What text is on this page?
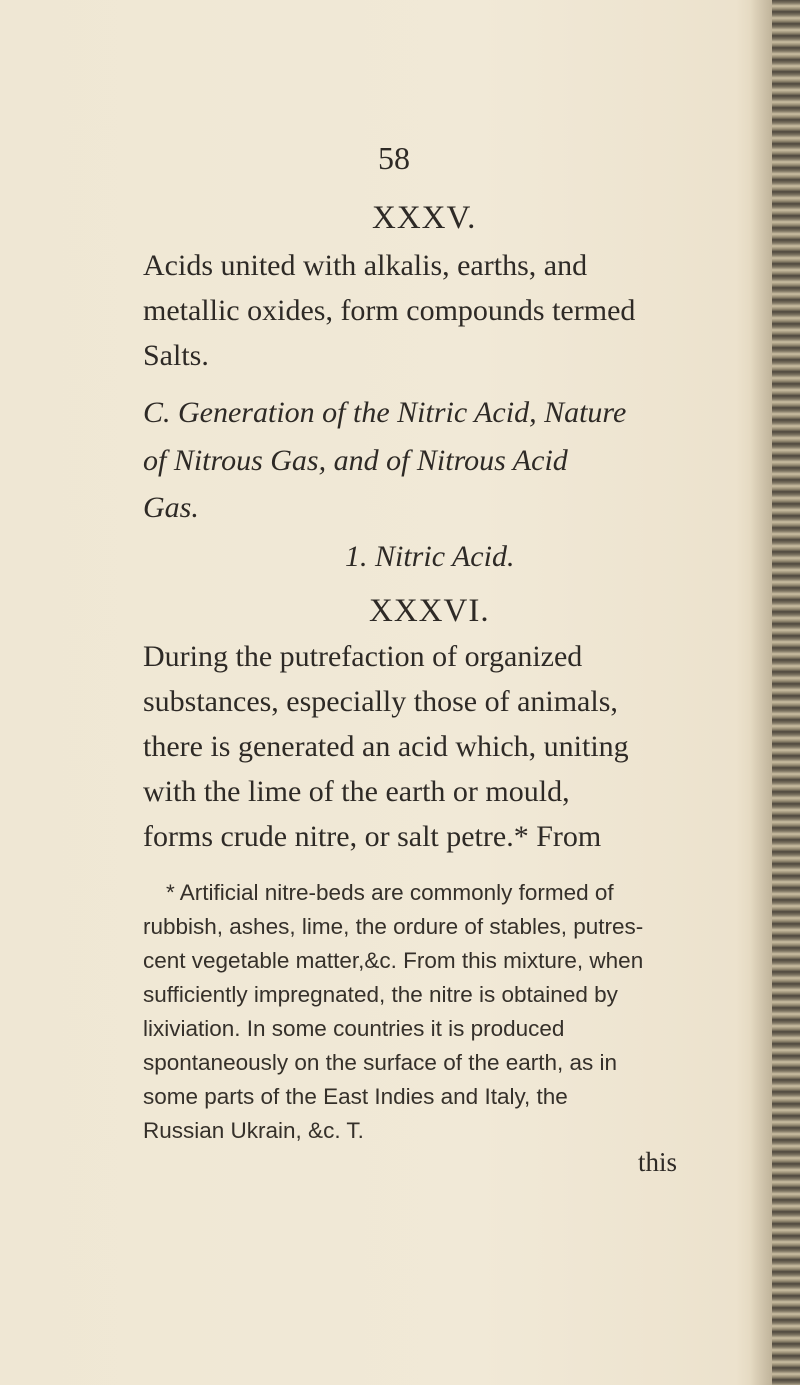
58
XXXV.
Acids united with alkalis, earths, and
metallic oxides, form compounds termed
Salts.
C. Generation of the Nitric Acid, Nature
of Nitrous Gas, and of Nitrous Acid
Gas.
1. Nitric Acid.
XXXVI.
During the putrefaction of organized
substances, especially those of animals,
there is generated an acid which, uniting
with the lime of the earth or mould,
forms crude nitre, or salt petre.* From
* Artificial nitre-beds are commonly formed of
rubbish, ashes, lime, the ordure of stables, putres-
cent vegetable matter,&c. From this mixture, when
sufficiently impregnated, the nitre is obtained by
lixiviation. In some countries it is produced
spontaneously on the surface of the earth, as in
some parts of the East Indies and Italy, the
Russian Ukrain, &c. T.
this
